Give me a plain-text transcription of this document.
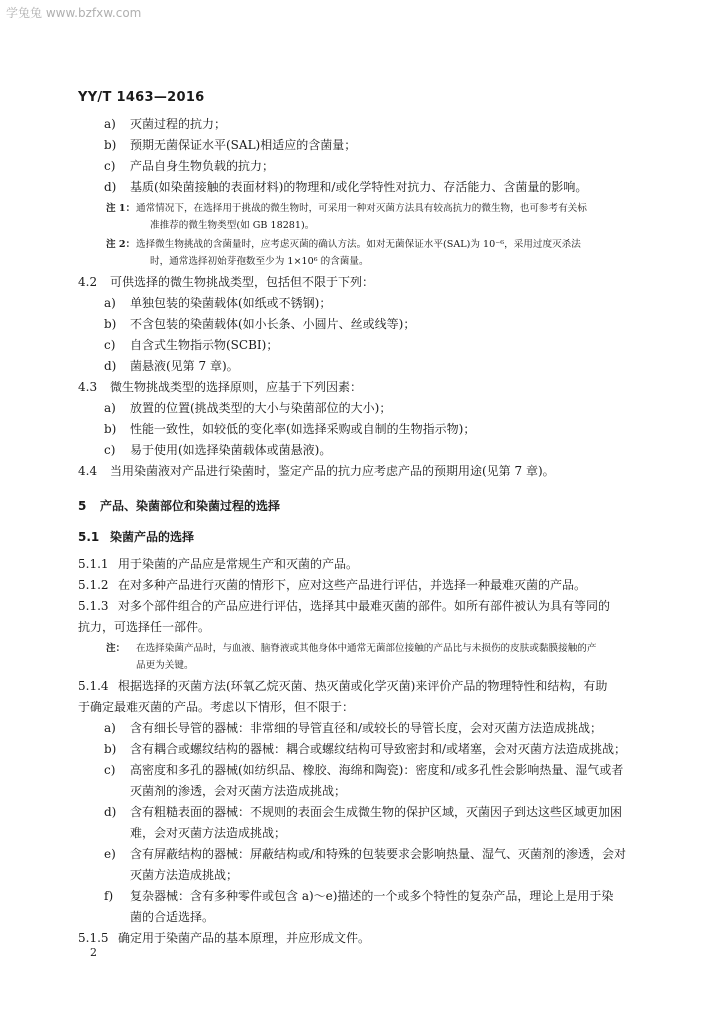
学兔兔 www.bzfxw.com
YY/T 1463—2016
a) 灭菌过程的抗力；
b) 预期无菌保证水平(SAL)相适应的含菌量；
c) 产品自身生物负载的抗力；
d) 基质(如染菌接触的表面材料)的物理和/或化学特性对抗力、存活能力、含菌量的影响。
注 1： 通常情况下，在选择用于挑战的微生物时，可采用一种对灭菌方法具有较高抗力的微生物，也可参考有关标
准推荐的微生物类型(如 GB 18281)。
注 2： 选择微生物挑战的含菌量时，应考虑灭菌的确认方法。如对无菌保证水平(SAL)为 10⁻⁶，采用过度灭杀法
时，通常选择初始芽孢数至少为 1×10⁶ 的含菌量。
4.2 可供选择的微生物挑战类型，包括但不限于下列：
a) 单独包装的染菌载体(如纸或不锈钢)；
b) 不含包装的染菌载体(如小长条、小圆片、丝或线等)；
c) 自含式生物指示物(SCBI)；
d) 菌悬液(见第 7 章)。
4.3 微生物挑战类型的选择原则，应基于下列因素：
a) 放置的位置(挑战类型的大小与染菌部位的大小)；
b) 性能一致性，如较低的变化率(如选择采购或自制的生物指示物)；
c) 易于使用(如选择染菌载体或菌悬液)。
4.4 当用染菌液对产品进行染菌时，鉴定产品的抗力应考虑产品的预期用途(见第 7 章)。
5 产品、染菌部位和染菌过程的选择
5.1 染菌产品的选择
5.1.1 用于染菌的产品应是常规生产和灭菌的产品。
5.1.2 在对多种产品进行灭菌的情形下，应对这些产品进行评估，并选择一种最难灭菌的产品。
5.1.3 对多个部件组合的产品应进行评估，选择其中最难灭菌的部件。如所有部件被认为具有等同的
抗力，可选择任一部件。
注： 在选择染菌产品时，与血液、脑脊液或其他身体中通常无菌部位接触的产品比与未损伤的皮肤或黏膜接触的产
品更为关键。
5.1.4 根据选择的灭菌方法(环氧乙烷灭菌、热灭菌或化学灭菌)来评价产品的物理特性和结构，有助
于确定最难灭菌的产品。考虑以下情形，但不限于：
a) 含有细长导管的器械：非常细的导管直径和/或较长的导管长度，会对灭菌方法造成挑战；
b) 含有耦合或螺纹结构的器械：耦合或螺纹结构可导致密封和/或堵塞，会对灭菌方法造成挑战；
c) 高密度和多孔的器械(如纺织品、橡胶、海绵和陶瓷)：密度和/或多孔性会影响热量、湿气或者
灭菌剂的渗透，会对灭菌方法造成挑战；
d) 含有粗糙表面的器械：不规则的表面会生成微生物的保护区域，灭菌因子到达这些区域更加困
难，会对灭菌方法造成挑战；
e) 含有屏蔽结构的器械：屏蔽结构或/和特殊的包装要求会影响热量、湿气、灭菌剂的渗透，会对
灭菌方法造成挑战；
f) 复杂器械：含有多种零件或包含 a)～e)描述的一个或多个特性的复杂产品，理论上是用于染
菌的合适选择。
5.1.5 确定用于染菌产品的基本原理，并应形成文件。
2
